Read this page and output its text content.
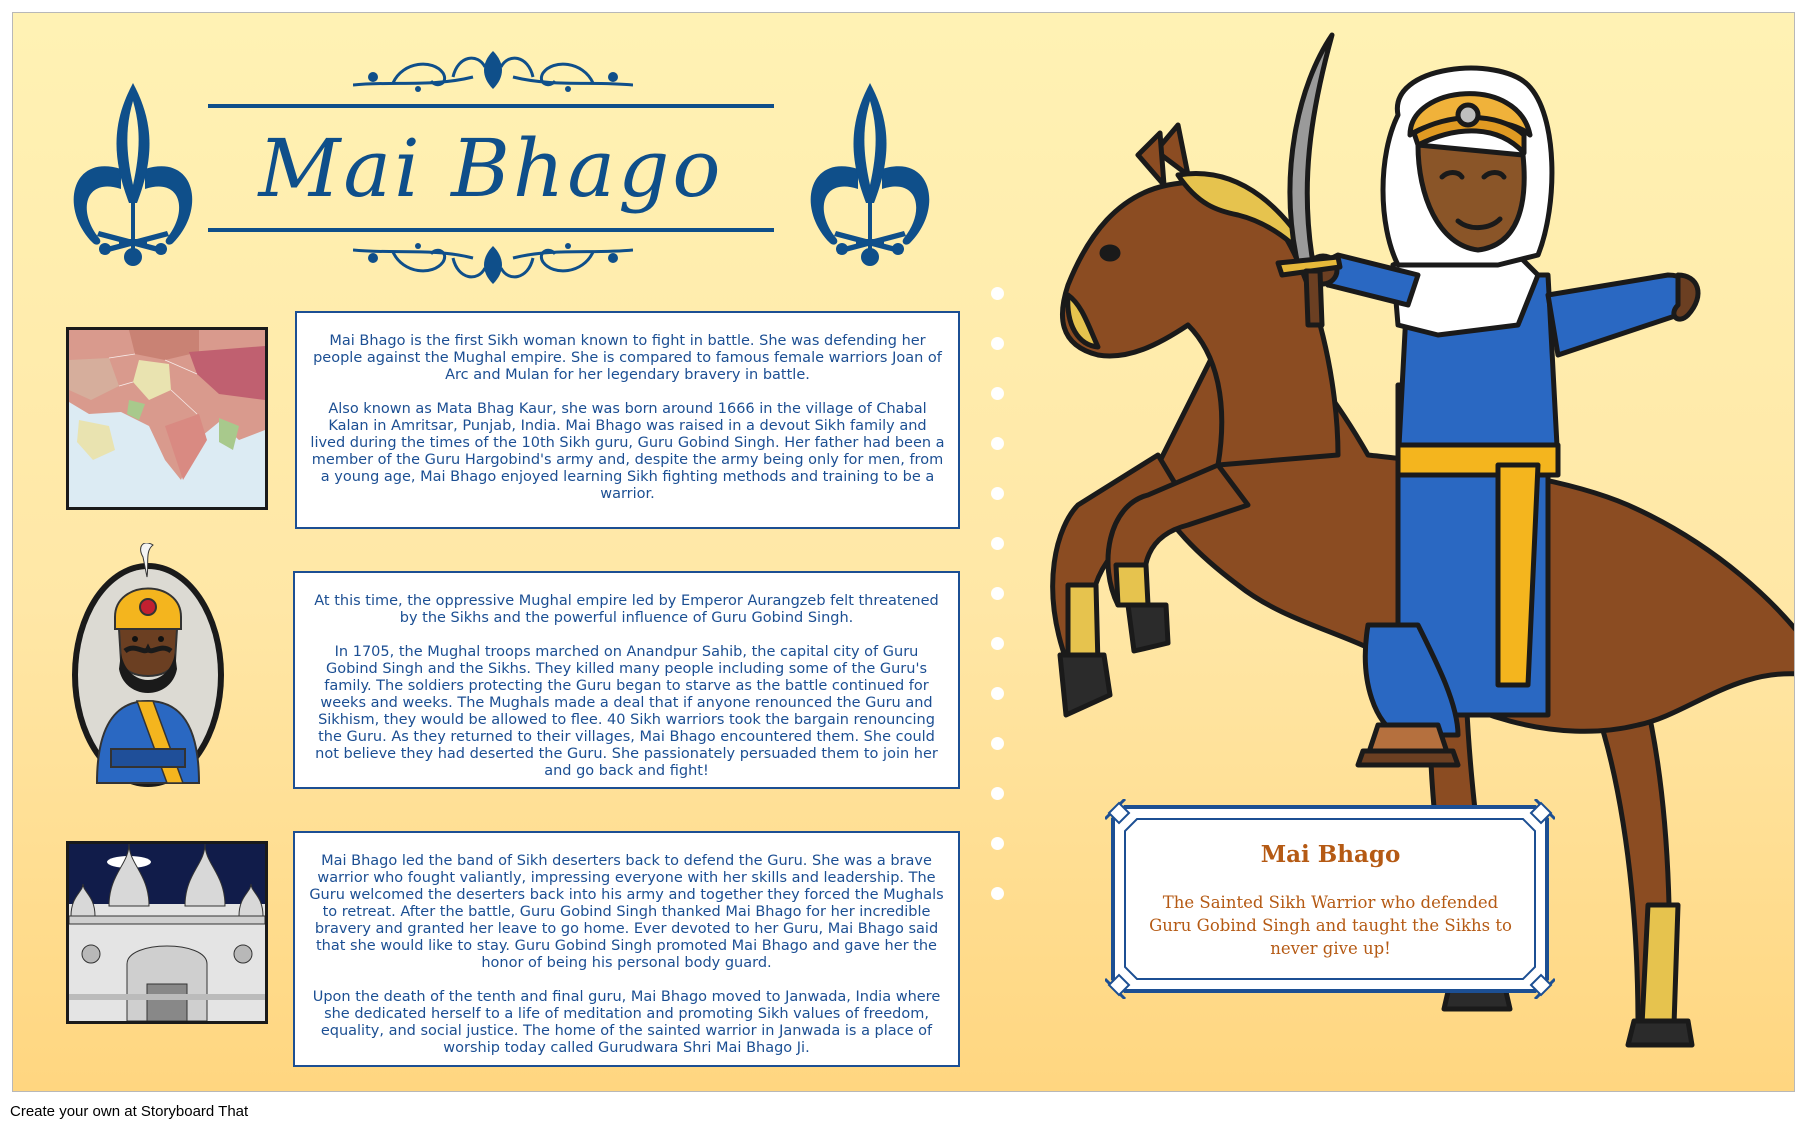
Mai Bhago

Mai Bhago is the first Sikh woman known to fight in battle. She was defending her people against the Mughal empire. She is compared to famous female warriors Joan of Arc and Mulan for her legendary bravery in battle.

Also known as Mata Bhag Kaur, she was born around 1666 in the village of Chabal Kalan in Amritsar, Punjab, India. Mai Bhago was raised in a devout Sikh family and lived during the times of the 10th Sikh guru, Guru Gobind Singh. Her father had been a member of the Guru Hargobind's army and, despite the army being only for men, from a young age, Mai Bhago enjoyed learning Sikh fighting methods and training to be a warrior.

At this time, the oppressive Mughal empire led by Emperor Aurangzeb felt threatened by the Sikhs and the powerful influence of Guru Gobind Singh.

In 1705, the Mughal troops marched on Anandpur Sahib, the capital city of Guru Gobind Singh and the Sikhs. They killed many people including some of the Guru's family. The soldiers protecting the Guru began to starve as the battle continued for weeks and weeks. The Mughals made a deal that if anyone renounced the Guru and Sikhism, they would be allowed to flee. 40 Sikh warriors took the bargain renouncing the Guru. As they returned to their villages, Mai Bhago encountered them. She could not believe they had deserted the Guru. She passionately persuaded them to join her and go back and fight!

Mai Bhago led the band of Sikh deserters back to defend the Guru. She was a brave warrior who fought valiantly, impressing everyone with her skills and leadership. The Guru welcomed the deserters back into his army and together they forced the Mughals to retreat. After the battle, Guru Gobind Singh thanked Mai Bhago for her incredible bravery and granted her leave to go home. Ever devoted to her Guru, Mai Bhago said that she would like to stay. Guru Gobind Singh promoted Mai Bhago and gave her the honor of being his personal body guard.

Upon the death of the tenth and final guru, Mai Bhago moved to Janwada, India where she dedicated herself to a life of meditation and promoting Sikh values of freedom, equality, and social justice. The home of the sainted warrior in Janwada is a place of worship today called Gurudwara Shri Mai Bhago Ji.

Mai Bhago
The Sainted Sikh Warrior who defended Guru Gobind Singh and taught the Sikhs to never give up!
Create your own at Storyboard That
